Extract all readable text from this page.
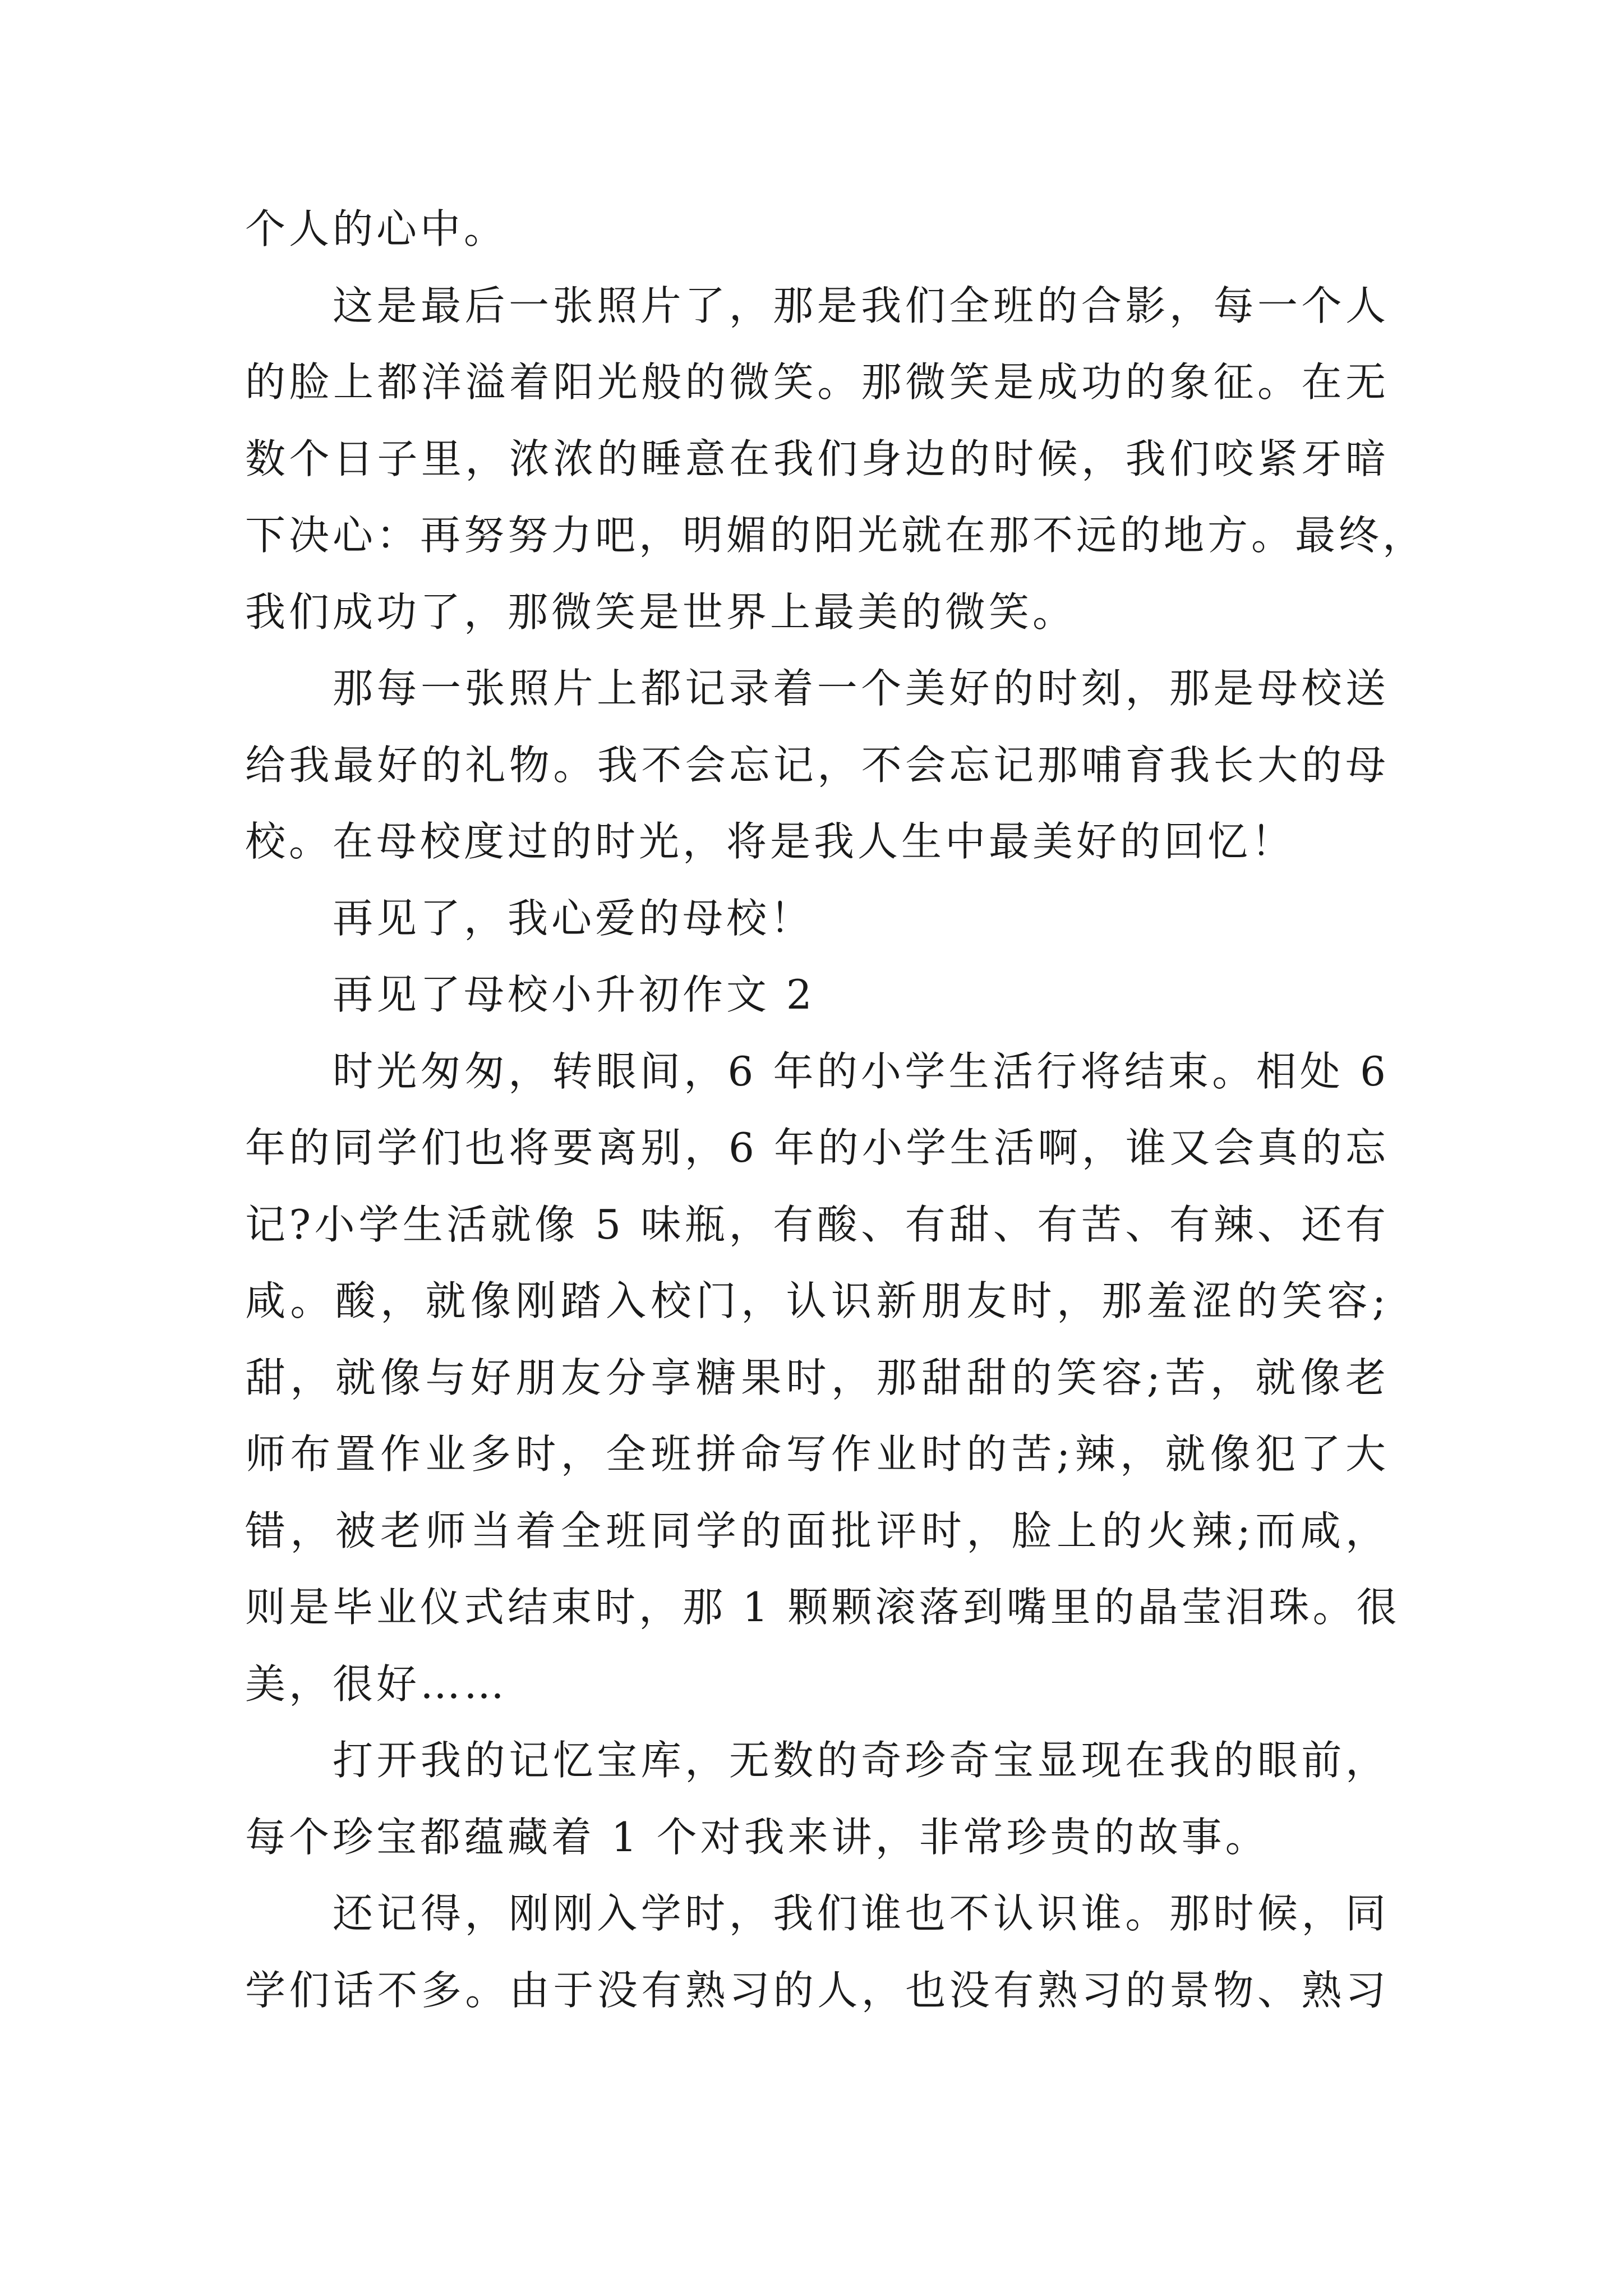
个人的心中。
这是最后一张照片了，那是我们全班的合影，每一个人
的脸上都洋溢着阳光般的微笑。那微笑是成功的象征。在无
数个日子里，浓浓的睡意在我们身边的时候，我们咬紧牙暗
下决心：再努努力吧，明媚的阳光就在那不远的地方。最终，
我们成功了，那微笑是世界上最美的微笑。
那每一张照片上都记录着一个美好的时刻，那是母校送
给我最好的礼物。我不会忘记，不会忘记那哺育我长大的母
校。在母校度过的时光，将是我人生中最美好的回忆！
再见了，我心爱的母校！
再见了母校小升初作文 2
时光匆匆，转眼间，6 年的小学生活行将结束。相处 6
年的同学们也将要离别，6 年的小学生活啊，谁又会真的忘
记?小学生活就像 5 味瓶，有酸、有甜、有苦、有辣、还有
咸。酸，就像刚踏入校门，认识新朋友时，那羞涩的笑容;
甜，就像与好朋友分享糖果时，那甜甜的笑容;苦，就像老
师布置作业多时，全班拼命写作业时的苦;辣，就像犯了大
错，被老师当着全班同学的面批评时，脸上的火辣;而咸，
则是毕业仪式结束时，那 1 颗颗滚落到嘴里的晶莹泪珠。很
美，很好……
打开我的记忆宝库，无数的奇珍奇宝显现在我的眼前，
每个珍宝都蕴藏着 1 个对我来讲，非常珍贵的故事。
还记得，刚刚入学时，我们谁也不认识谁。那时候，同
学们话不多。由于没有熟习的人，也没有熟习的景物、熟习
